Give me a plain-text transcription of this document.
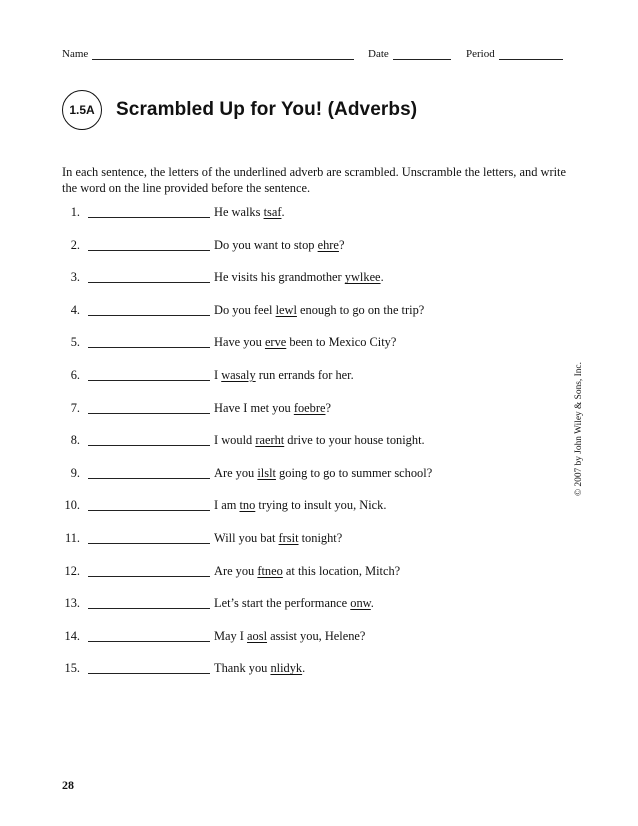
Name	Date	Period
1.5A	Scrambled Up for You! (Adverbs)
In each sentence, the letters of the underlined adverb are scrambled. Unscramble the letters, and write the word on the line provided before the sentence.
1.	He walks tsaf.
2.	Do you want to stop ehre?
3.	He visits his grandmother ywlkee.
4.	Do you feel lewl enough to go on the trip?
5.	Have you erve been to Mexico City?
6.	I wasaly run errands for her.
7.	Have I met you foebre?
8.	I would raerht drive to your house tonight.
9.	Are you ilslt going to go to summer school?
10.	I am tno trying to insult you, Nick.
11.	Will you bat frsit tonight?
12.	Are you ftneo at this location, Mitch?
13.	Let’s start the performance onw.
14.	May I aosl assist you, Helene?
15.	Thank you nlidyk.
© 2007 by John Wiley & Sons, Inc.
28
